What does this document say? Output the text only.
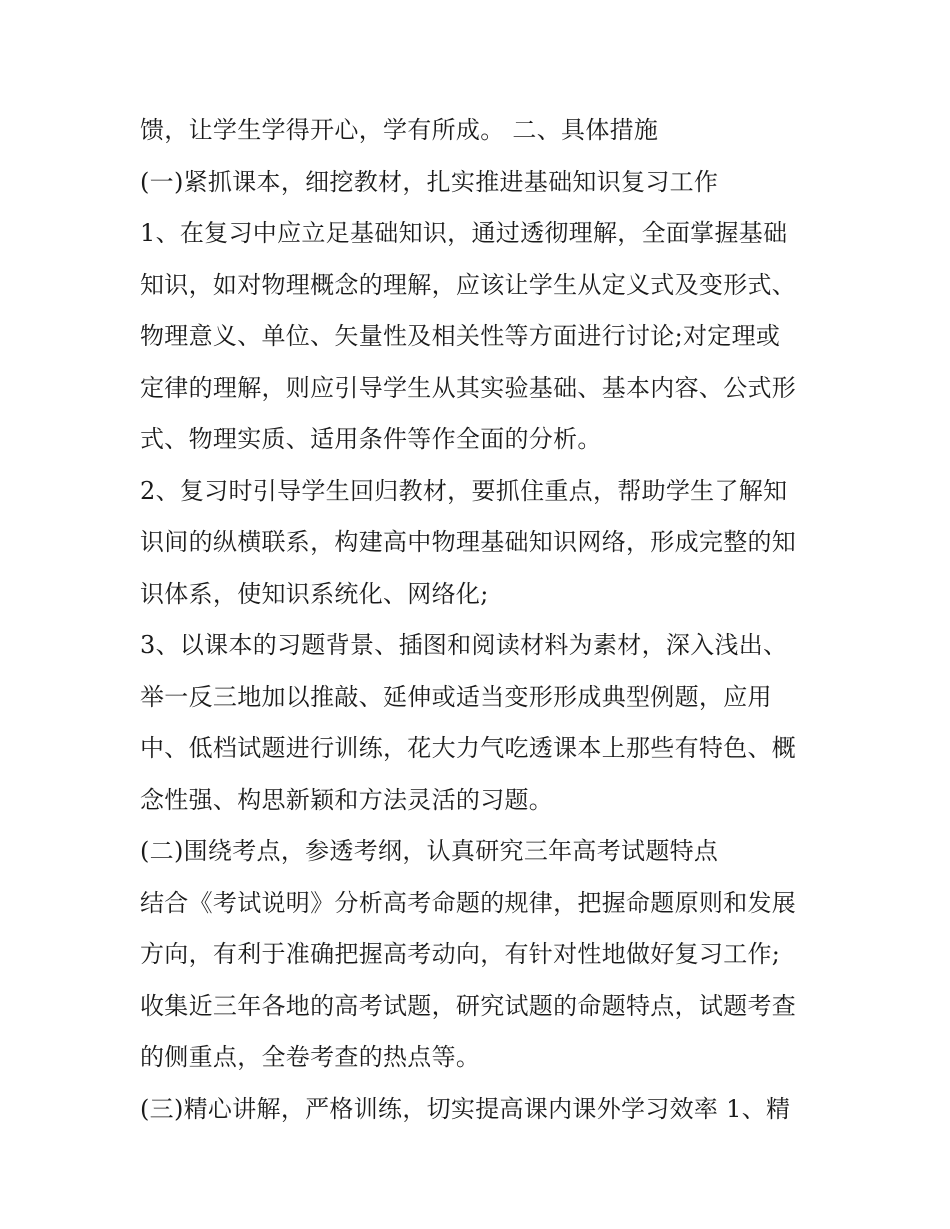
馈，让学生学得开心，学有所成。 二、具体措施
(一)紧抓课本，细挖教材，扎实推进基础知识复习工作
1、在复习中应立足基础知识，通过透彻理解，全面掌握基础
知识，如对物理概念的理解，应该让学生从定义式及变形式、
物理意义、单位、矢量性及相关性等方面进行讨论;对定理或
定律的理解，则应引导学生从其实验基础、基本内容、公式形
式、物理实质、适用条件等作全面的分析。
2、复习时引导学生回归教材，要抓住重点，帮助学生了解知
识间的纵横联系，构建高中物理基础知识网络，形成完整的知
识体系，使知识系统化、网络化;
3、以课本的习题背景、插图和阅读材料为素材，深入浅出、
举一反三地加以推敲、延伸或适当变形形成典型例题，应用
中、低档试题进行训练，花大力气吃透课本上那些有特色、概
念性强、构思新颖和方法灵活的习题。
(二)围绕考点，参透考纲，认真研究三年高考试题特点
结合《考试说明》分析高考命题的规律，把握命题原则和发展
方向，有利于准确把握高考动向，有针对性地做好复习工作;
收集近三年各地的高考试题，研究试题的命题特点，试题考查
的侧重点，全卷考查的热点等。
(三)精心讲解，严格训练，切实提高课内课外学习效率 1、精
